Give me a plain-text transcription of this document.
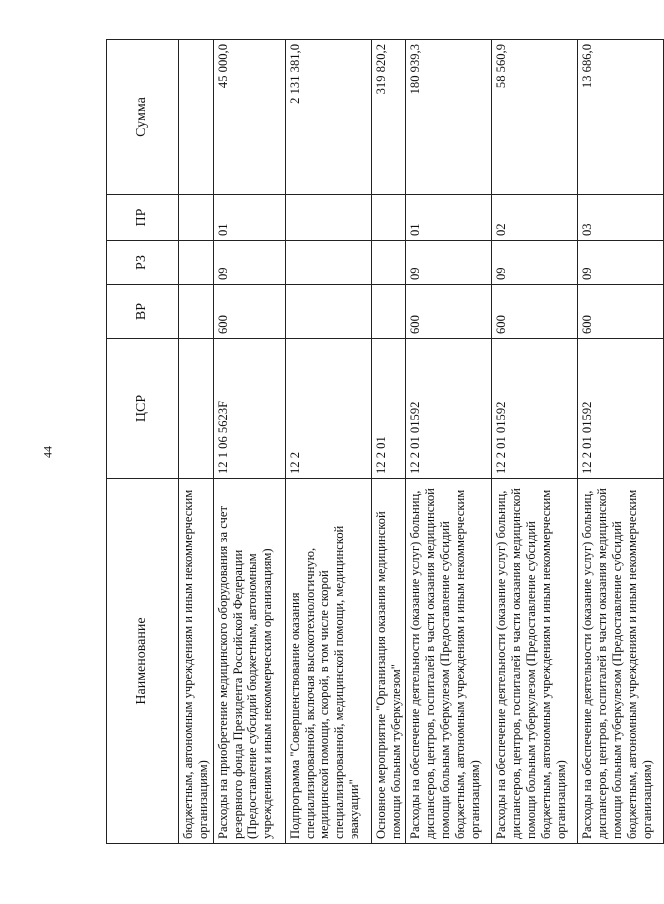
44
Наименование	ЦСР	ВР	РЗ	ПР	Сумма
бюджетным, автономным учреждениям и иным некоммерческим организациям)					
Расходы на приобретение медицинского оборудования за счет резервного фонда Президента Российской Федерации (Предоставление субсидий бюджетным, автономным учреждениям и иным некоммерческим организациям)	12 1 06 5623F	600	09	01	45 000,0
Подпрограмма "Совершенствование оказания специализированной, включая высокотехнологичную, медицинской помощи, скорой, в том числе скорой специализированной, медицинской помощи, медицинской эвакуации"	12 2				2 131 381,0
Основное мероприятие "Организация оказания медицинской помощи больным туберкулезом"	12 2 01				319 820,2
Расходы на обеспечение деятельности (оказание услуг) больниц, диспансеров, центров, госпиталей в части оказания медицинской помощи больным туберкулезом (Предоставление субсидий бюджетным, автономным учреждениям и иным некоммерческим организациям)	12 2 01 01592	600	09	01	180 939,3
Расходы на обеспечение деятельности (оказание услуг) больниц, диспансеров, центров, госпиталей в части оказания медицинской помощи больным туберкулезом (Предоставление субсидий бюджетным, автономным учреждениям и иным некоммерческим организациям)	12 2 01 01592	600	09	02	58 560,9
Расходы на обеспечение деятельности (оказание услуг) больниц, диспансеров, центров, госпиталей в части оказания медицинской помощи больным туберкулезом (Предоставление субсидий бюджетным, автономным учреждениям и иным некоммерческим организациям)	12 2 01 01592	600	09	03	13 686,0
